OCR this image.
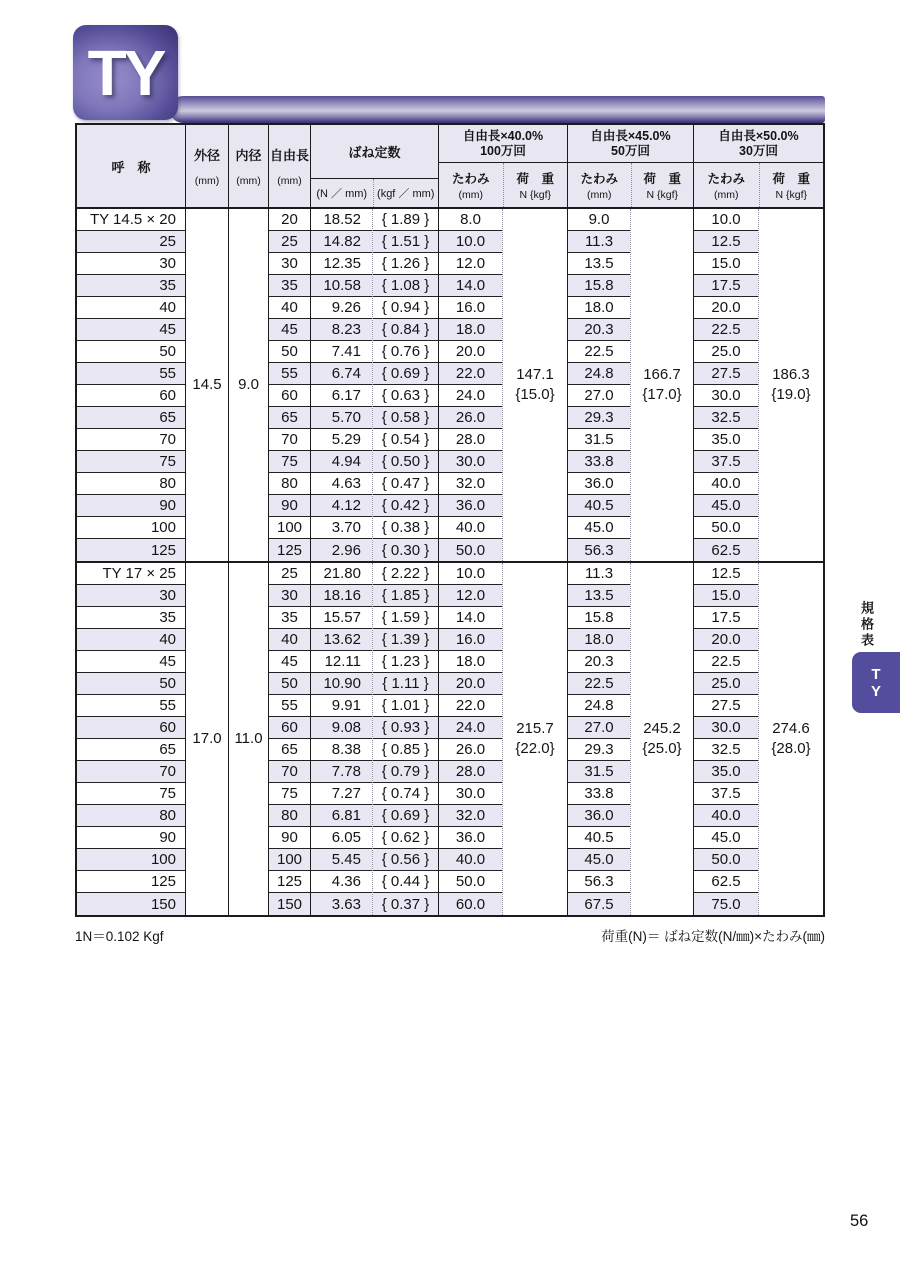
TY
呼　称
外径
(mm)
内径
(mm)
自由長
(mm)
ばね定数
(N ／ mm) (kgf ／ mm)
自由長×40.0%
100万回
たわみ
(mm)
荷　重
N {kgf}
自由長×45.0%
50万回
たわみ
(mm)
荷　重
N {kgf}
自由長×50.0%
30万回
たわみ
(mm)
荷　重
N {kgf}
TY 14.5 × 20
25
30
35
40
45
50
55
60
65
70
75
80
90
100
125
14.5 9.0
20
25
30
35
40
45
50
55
60
65
70
75
80
90
100
125
18.52
14.82
12.35
10.58
9.26
8.23
7.41
6.74
6.17
5.70
5.29
4.94
4.63
4.12
3.70
2.96
{ 1.89 }
{ 1.51 }
{ 1.26 }
{ 1.08 }
{ 0.94 }
{ 0.84 }
{ 0.76 }
{ 0.69 }
{ 0.63 }
{ 0.58 }
{ 0.54 }
{ 0.50 }
{ 0.47 }
{ 0.42 }
{ 0.38 }
{ 0.30 }
8.0
10.0
12.0
14.0
16.0
18.0
20.0
22.0
24.0
26.0
28.0
30.0
32.0
36.0
40.0
50.0
147.1
{15.0}
9.0
11.3
13.5
15.8
18.0
20.3
22.5
24.8
27.0
29.3
31.5
33.8
36.0
40.5
45.0
56.3
166.7
{17.0}
10.0
12.5
15.0
17.5
20.0
22.5
25.0
27.5
30.0
32.5
35.0
37.5
40.0
45.0
50.0
62.5
186.3
{19.0}
TY 17 × 25
30
35
40
45
50
55
60
65
70
75
80
90
100
125
150
17.0 11.0
25
30
35
40
45
50
55
60
65
70
75
80
90
100
125
150
21.80
18.16
15.57
13.62
12.11
10.90
9.91
9.08
8.38
7.78
7.27
6.81
6.05
5.45
4.36
3.63
{ 2.22 }
{ 1.85 }
{ 1.59 }
{ 1.39 }
{ 1.23 }
{ 1.11 }
{ 1.01 }
{ 0.93 }
{ 0.85 }
{ 0.79 }
{ 0.74 }
{ 0.69 }
{ 0.62 }
{ 0.56 }
{ 0.44 }
{ 0.37 }
10.0
12.0
14.0
16.0
18.0
20.0
22.0
24.0
26.0
28.0
30.0
32.0
36.0
40.0
50.0
60.0
215.7
{22.0}
11.3
13.5
15.8
18.0
20.3
22.5
24.8
27.0
29.3
31.5
33.8
36.0
40.5
45.0
56.3
67.5
245.2
{25.0}
12.5
15.0
17.5
20.0
22.5
25.0
27.5
30.0
32.5
35.0
37.5
40.0
45.0
50.0
62.5
75.0
274.6
{28.0}
1N＝0.102 Kgf	荷重(N)＝ ばね定数(N/㎜)×たわみ(㎜)
規格表
T
Y
56
